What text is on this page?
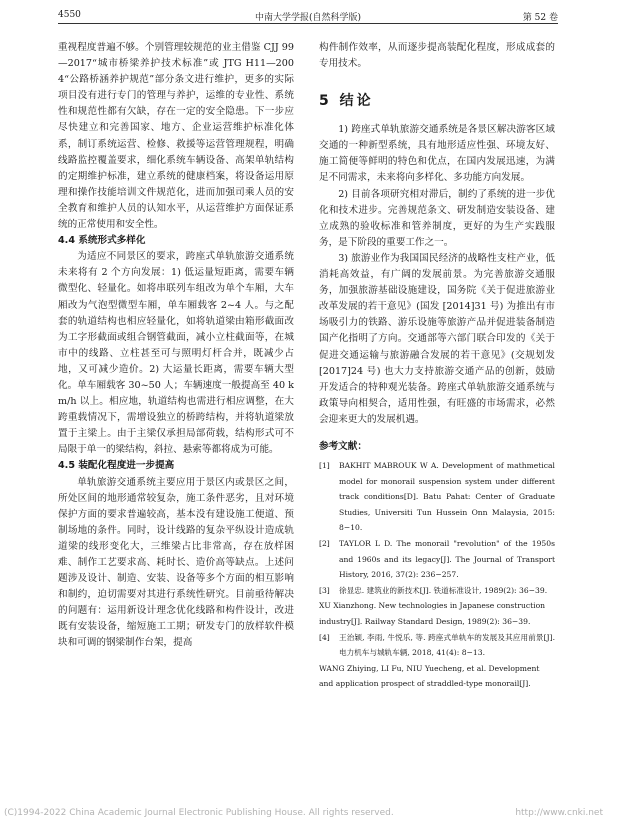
4550	中南大学学报(自然科学版)	第 52 卷

重视程度普遍不够。个别管理较规范的业主借鉴 CJJ 99—2017“城市桥梁养护技术标准”或 JTG H11—2004“公路桥涵养护规范”部分条文进行维护，更多的实际项目没有进行专门的管理与养护，运维的专业性、系统性和规范性都有欠缺，存在一定的安全隐患。下一步应尽快建立和完善国家、地方、企业运营维护标准化体系，制订系统运营、检修、救援等运营管理规程，明确线路监控覆盖要求，细化系统车辆设备、高架单轨结构的定期维护标准，建立系统的健康档案，将设备运用原理和操作技能培训文件规范化，进而加强司乘人员的安全教育和维护人员的认知水平，从运营维护方面保证系统的正常使用和安全性。

4.4 系统形式多样化

为适应不同景区的要求，跨座式单轨旅游交通系统未来将有 2 个方向发展：1) 低运量短距离，需要车辆微型化、轻量化。如将串联列车组改为单个车厢，大车厢改为气泡型微型车厢，单车厢载客 2~4 人。与之配套的轨道结构也相应轻量化，如将轨道梁由箱形截面改为工字形截面或组合钢管截面，减小立柱截面等，在城市中的线路、立柱甚至可与照明灯杆合并，既减少占地，又可减少造价。2) 大运量长距离，需要车辆大型化。单车厢载客 30~50 人；车辆速度一般提高至 40 km/h 以上。相应地，轨道结构也需进行相应调整，在大跨重载情况下，需增设独立的桥跨结构，并将轨道梁放置于主梁上。由于主梁仅承担局部荷载，结构形式可不局限于单一的梁结构，斜拉、悬索等都将成为可能。

4.5 装配化程度进一步提高

单轨旅游交通系统主要应用于景区内或景区之间，所处区间的地形通常较复杂，施工条件恶劣，且对环境保护方面的要求普遍较高，基本没有建设施工便道、预制场地的条件。同时，设计线路的复杂平纵设计造成轨道梁的线形变化大，三维梁占比非常高，存在放样困难、制作工艺要求高、耗时长、造价高等缺点。上述问题涉及设计、制造、安装、设备等多个方面的相互影响和制约，迫切需要对其进行系统性研究。目前亟待解决的问题有：运用新设计理念优化线路和构件设计，改进既有安装设备，缩短施工工期；研发专门的放样软件模块和可调的钢梁制作台架，提高

构件制作效率，从而逐步提高装配化程度，形成成套的专用技术。

5 结论

1) 跨座式单轨旅游交通系统是各景区解决游客区域交通的一种新型系统，具有地形适应性强、环境友好、施工简便等鲜明的特色和优点，在国内发展迅速，为满足不同需求，未来将向多样化、多功能方向发展。

2) 目前各项研究相对滞后，制约了系统的进一步优化和技术进步。完善规范条文、研发制造安装设备、建立成熟的验收标准和管养制度，更好的为生产实践服务，是下阶段的重要工作之一。

3) 旅游业作为我国国民经济的战略性支柱产业，低消耗高效益，有广阔的发展前景。为完善旅游交通服务，加强旅游基础设施建设，国务院《关于促进旅游业改革发展的若干意见》(国发 [2014]31 号) 为推出有市场吸引力的铁路、游乐设施等旅游产品并促进装备制造国产化指明了方向。交通部等六部门联合印发的《关于促进交通运输与旅游融合发展的若干意见》(交规划发 [2017]24 号) 也大力支持旅游交通产品的创新，鼓励开发适合的特种观光装备。跨座式单轨旅游交通系统与政策导向相契合，适用性强，有旺盛的市场需求，必然会迎来更大的发展机遇。

参考文献：
[1]	BAKHIT MABROUK W A. Development of mathmetical model for monorail suspension system under different track conditions[D]. Batu Pahat: Center of Graduate Studies, Universiti Tun Hussein Onn Malaysia, 2015: 8−10.
[2]	TAYLOR L D. The monorail "revolution" of the 1950s and 1960s and its legacy[J]. The Journal of Transport History, 2016, 37(2): 236−257.
[3]	徐显忠. 建筑业的新技术[J]. 铁道标准设计, 1989(2): 36−39.
XU Xianzhong. New technologies in Japanese construction industry[J]. Railway Standard Design, 1989(2): 36−39.
[4]	王治颖, 李雨, 牛悦乐, 等. 跨座式单轨车的发展及其应用前景[J]. 电力机车与城轨车辆, 2018, 41(4): 8−13.
WANG Zhiying, LI Fu, NIU Yuecheng, et al. Development and application prospect of straddled-type monorail[J].
(C)1994-2022 China Academic Journal Electronic Publishing House. All rights reserved.	http://www.cnki.net
